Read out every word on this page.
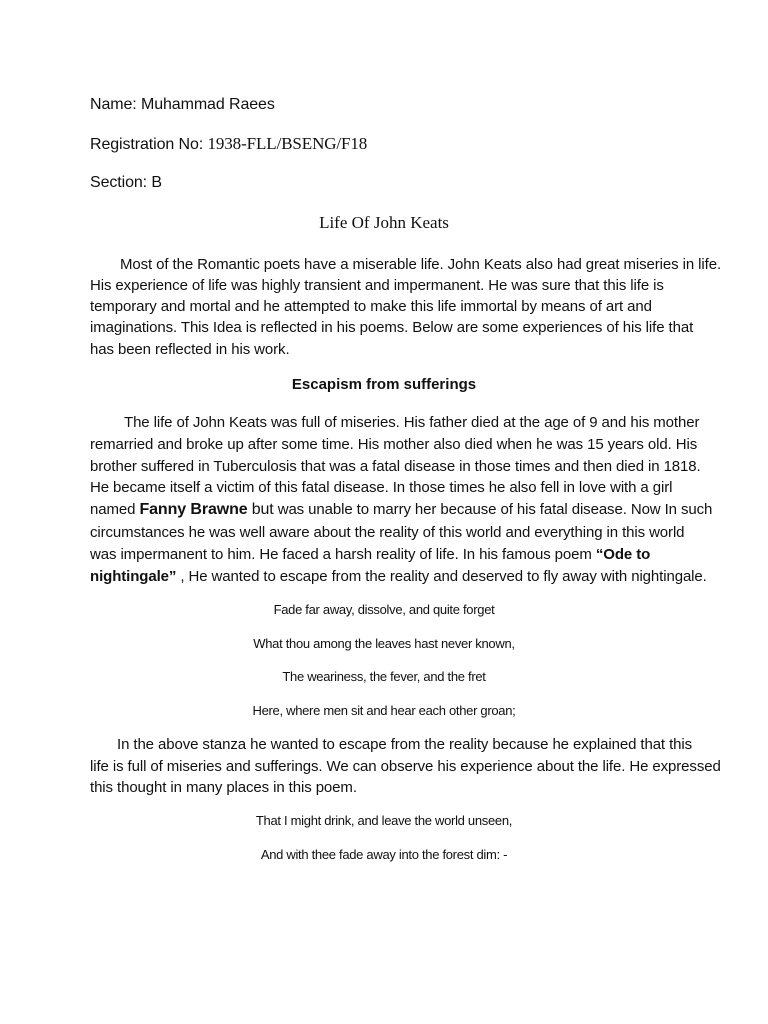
Name: Muhammad Raees
Registration No: 1938-FLL/BSENG/F18
Section: B
Life Of John Keats
Most of the Romantic poets have a miserable life. John Keats also had great miseries in life.
His experience of life was highly transient and impermanent. He was sure that this life is
temporary and mortal and he attempted to make this life immortal by means of art and
imaginations. This Idea is reflected in his poems. Below are some experiences of his life that
has been reflected in his work.
Escapism from sufferings
The life of John Keats was full of miseries. His father died at the age of 9 and his mother
remarried and broke up after some time. His mother also died when he was 15 years old. His
brother suffered in Tuberculosis that was a fatal disease in those times and then died in 1818.
He became itself a victim of this fatal disease. In those times he also fell in love with a girl
named Fanny Brawne but was unable to marry her because of his fatal disease. Now In such
circumstances he was well aware about the reality of this world and everything in this world
was impermanent to him. He faced a harsh reality of life. In his famous poem “Ode to
nightingale” , He wanted to escape from the reality and deserved to fly away with nightingale.
Fade far away, dissolve, and quite forget
What thou among the leaves hast never known,
The weariness, the fever, and the fret
Here, where men sit and hear each other groan;
In the above stanza he wanted to escape from the reality because he explained that this
life is full of miseries and sufferings. We can observe his experience about the life. He expressed
this thought in many places in this poem.
That I might drink, and leave the world unseen,
And with thee fade away into the forest dim: -
